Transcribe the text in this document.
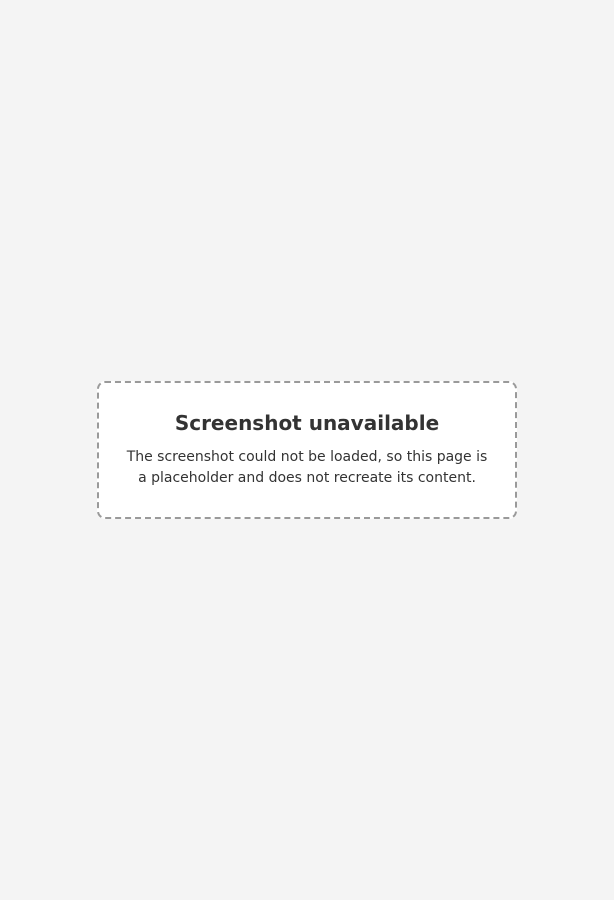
Screenshot unavailable

The screenshot could not be loaded, so this page is a placeholder and does not recreate its content.
